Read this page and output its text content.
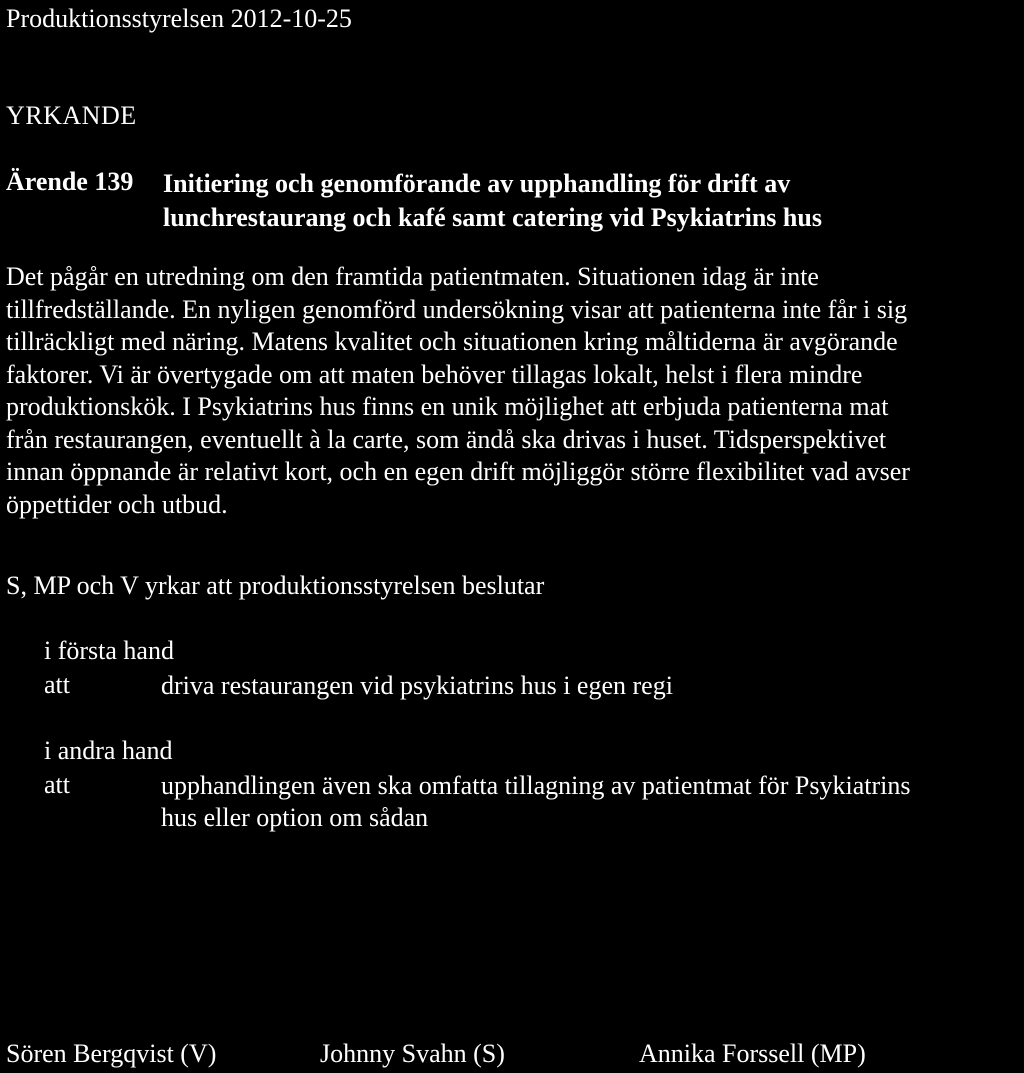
Produktionsstyrelsen 2012-10-25
YRKANDE
Ärende 139 Initiering och genomförande av upphandling för drift av
lunchrestaurang och kafé samt catering vid Psykiatrins hus
Det pågår en utredning om den framtida patientmaten. Situationen idag är inte
tillfredställande. En nyligen genomförd undersökning visar att patienterna inte får i sig
tillräckligt med näring. Matens kvalitet och situationen kring måltiderna är avgörande
faktorer. Vi är övertygade om att maten behöver tillagas lokalt, helst i flera mindre
produktionskök. I Psykiatrins hus finns en unik möjlighet att erbjuda patienterna mat
från restaurangen, eventuellt à la carte, som ändå ska drivas i huset. Tidsperspektivet
innan öppnande är relativt kort, och en egen drift möjliggör större flexibilitet vad avser
öppettider och utbud.
S, MP och V yrkar att produktionsstyrelsen beslutar
i första hand
att	driva restaurangen vid psykiatrins hus i egen regi
i andra hand
att	upphandlingen även ska omfatta tillagning av patientmat för Psykiatrins
hus eller option om sådan
Sören Bergqvist (V)	Johnny Svahn (S)	Annika Forssell (MP)
